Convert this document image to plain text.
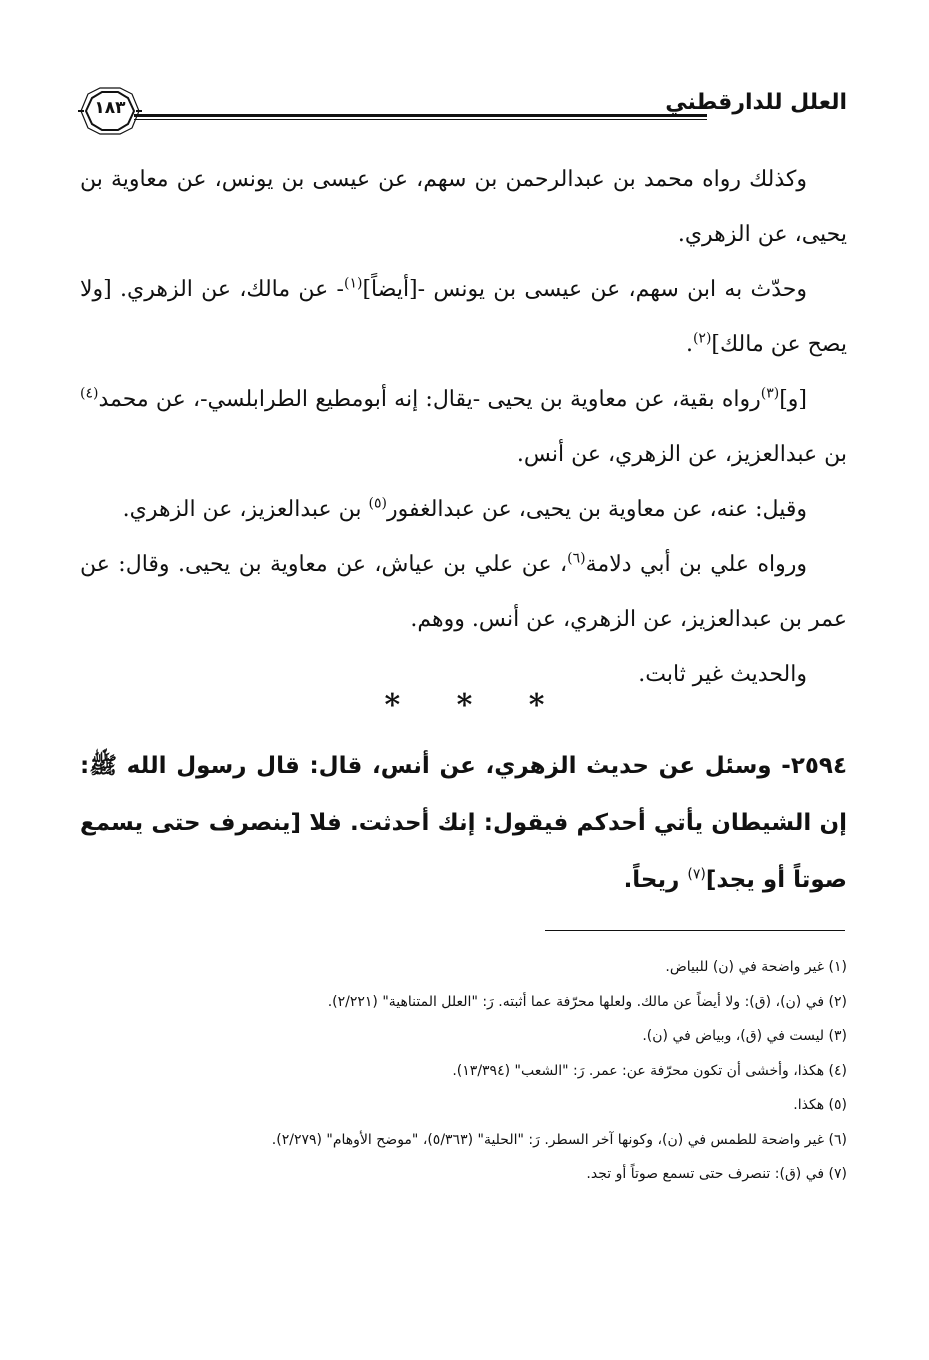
العلل للدارقطني
١٨٣

وكذلك رواه محمد بن عبدالرحمن بن سهم، عن عيسى بن يونس، عن معاوية بن يحيى، عن الزهري.

وحدّث به ابن سهم، عن عيسى بن يونس -[أيضاً]$^{(١)}$- عن مالك، عن الزهري. [ولا يصح عن مالك]$^{(٢)}$.

[و]$^{(٣)}$رواه بقية، عن معاوية بن يحيى -يقال: إنه أبومطيع الطرابلسي-، عن محمد$^{(٤)}$ بن عبدالعزيز، عن الزهري، عن أنس.

وقيل: عنه، عن معاوية بن يحيى، عن عبدالغفور$^{(٥)}$ بن عبدالعزيز، عن الزهري.

ورواه علي بن أبي دلامة$^{(٦)}$، عن علي بن عياش، عن معاوية بن يحيى. وقال: عن عمر بن عبدالعزيز، عن الزهري، عن أنس. ووهم.

والحديث غير ثابت.

* * *

٢٥٩٤- وسئل عن حديث الزهري، عن أنس، قال: قال رسول الله ﷺ: إن الشيطان يأتي أحدكم فيقول: إنك أحدثت. فلا [ينصرف حتى يسمع صوتاً أو يجد]$^{(٧)}$ ريحاً.

(١) غير واضحة في (ن) للبياض.
(٢) في (ن)، (ق): ولا أيضاً عن مالك. ولعلها محرّفة عما أثبته. رَ: "العلل المتناهية" (٢/٢٢١).
(٣) ليست في (ق)، وبياض في (ن).
(٤) هكذا، وأخشى أن تكون محرّفة عن: عمر. رَ: "الشعب" (١٣/٣٩٤).
(٥) هكذا.
(٦) غير واضحة للطمس في (ن)، وكونها آخر السطر. رَ: "الحلية" (٥/٣٦٣)، "موضح الأوهام" (٢/٢٧٩).
(٧) في (ق): تنصرف حتى تسمع صوتاً أو تجد.
